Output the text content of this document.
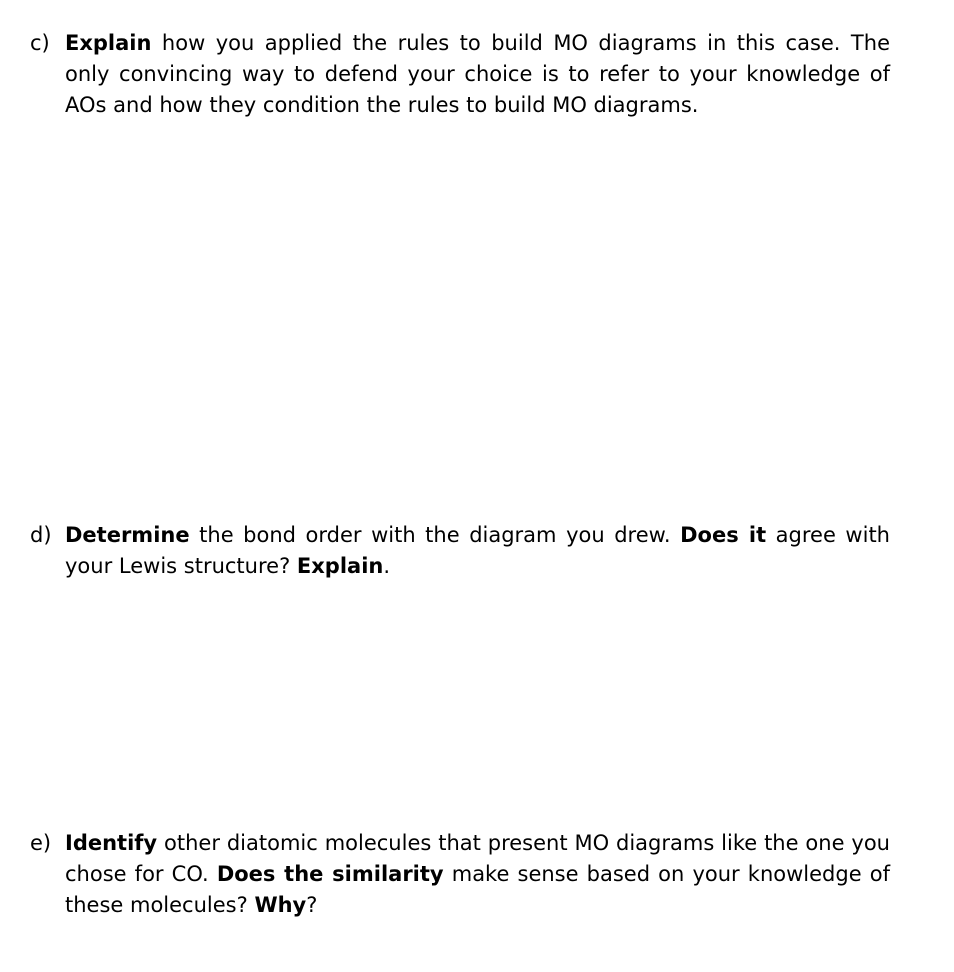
c) Explain how you applied the rules to build MO diagrams in this case. The only convincing way to defend your choice is to refer to your knowledge of AOs and how they condition the rules to build MO diagrams.
d) Determine the bond order with the diagram you drew. Does it agree with your Lewis structure? Explain.
e) Identify other diatomic molecules that present MO diagrams like the one you chose for CO. Does the similarity make sense based on your knowledge of these molecules? Why?
